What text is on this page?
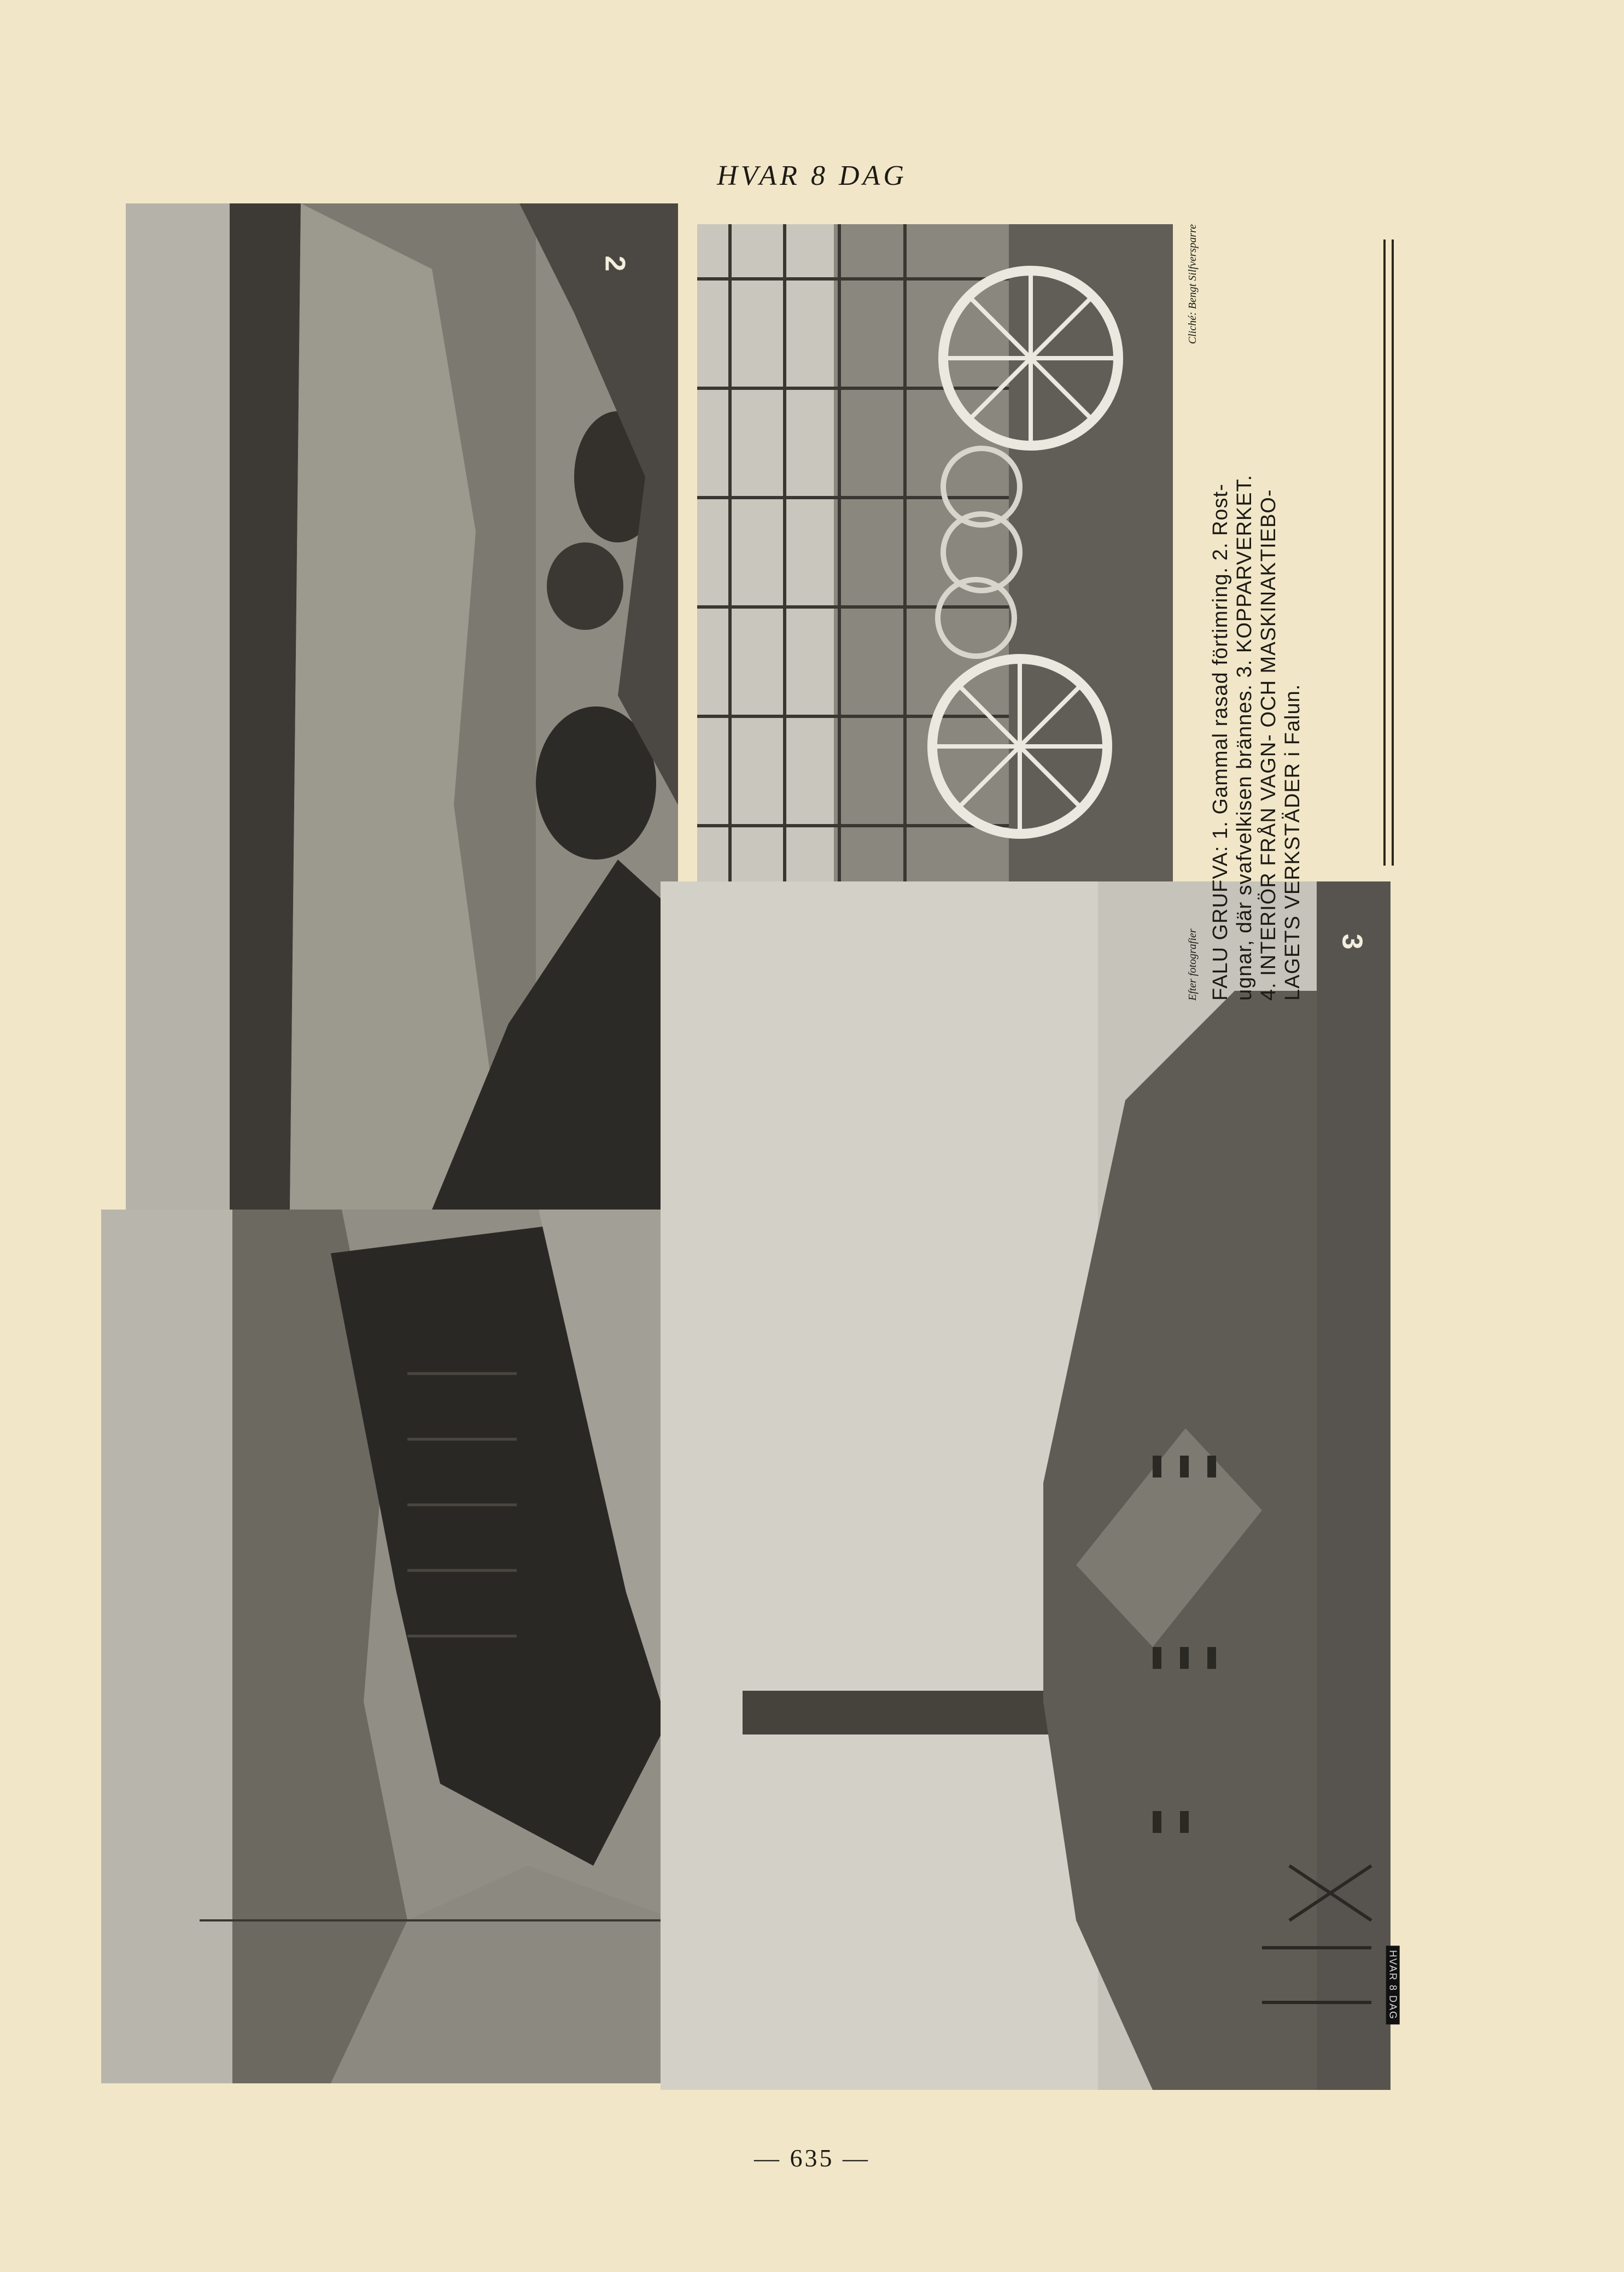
HVAR 8 DAG
2
3
HVAR 8 DAG
Efter fotografier
Cliché: Bengt Silfversparre
FALU GRUFVA: 1. Gammal rasad förtimring. 2. Rost- ugnar, där svafvelkisen brännes. 3. KOPPARVERKET. 4. INTERIÖR FRÅN VAGN- OCH MASKINAKTIEBO- LAGETS VERKSTÄDER i Falun.
— 635 —
